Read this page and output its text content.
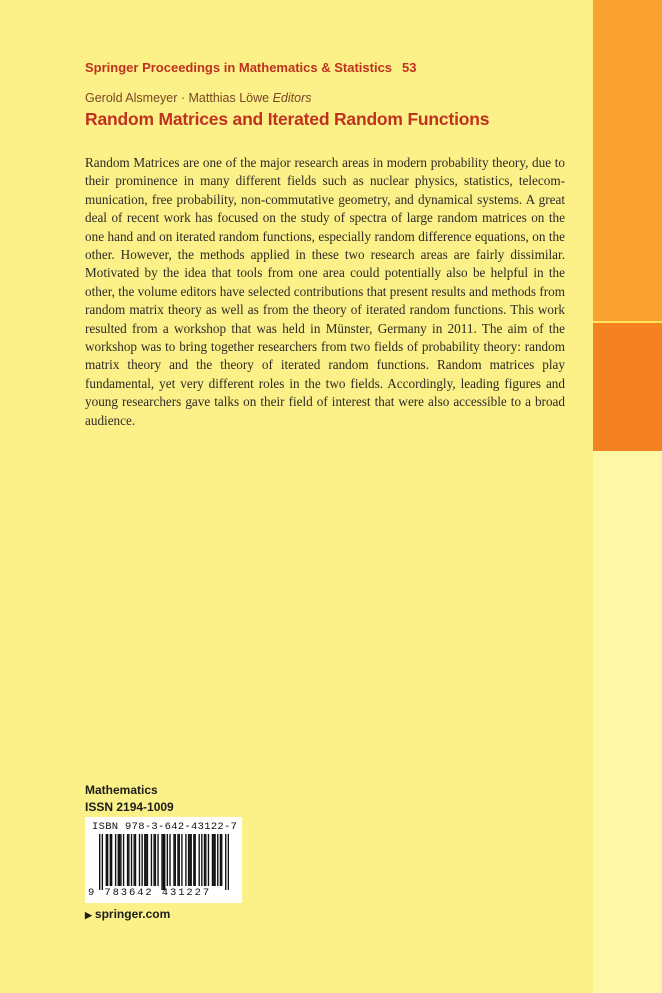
Springer Proceedings in Mathematics & Statistics 53
Gerold Alsmeyer · Matthias Löwe Editors
Random Matrices and Iterated Random Functions
Random Matrices are one of the major research areas in modern probability theory, due to their prominence in many different fields such as nuclear physics, statistics, telecommunication, free probability, non-commutative geometry, and dynamical systems. A great deal of recent work has focused on the study of spectra of large random matrices on the one hand and on iterated random functions, especially random difference equations, on the other. However, the methods applied in these two research areas are fairly dissimilar. Motivated by the idea that tools from one area could potentially also be helpful in the other, the volume editors have selected contributions that present results and methods from random matrix theory as well as from the theory of iterated random functions. This work resulted from a workshop that was held in Münster, Germany in 2011. The aim of the workshop was to bring together researchers from two fields of probability theory: random matrix theory and the theory of iterated random functions. Random matrices play fundamental, yet very different roles in the two fields. Accordingly, leading figures and young researchers gave talks on their field of interest that were also accessible to a broad audience.
Mathematics
ISSN 2194-1009
ISBN 978-3-642-43122-7
9 783642 431227
▶ springer.com
